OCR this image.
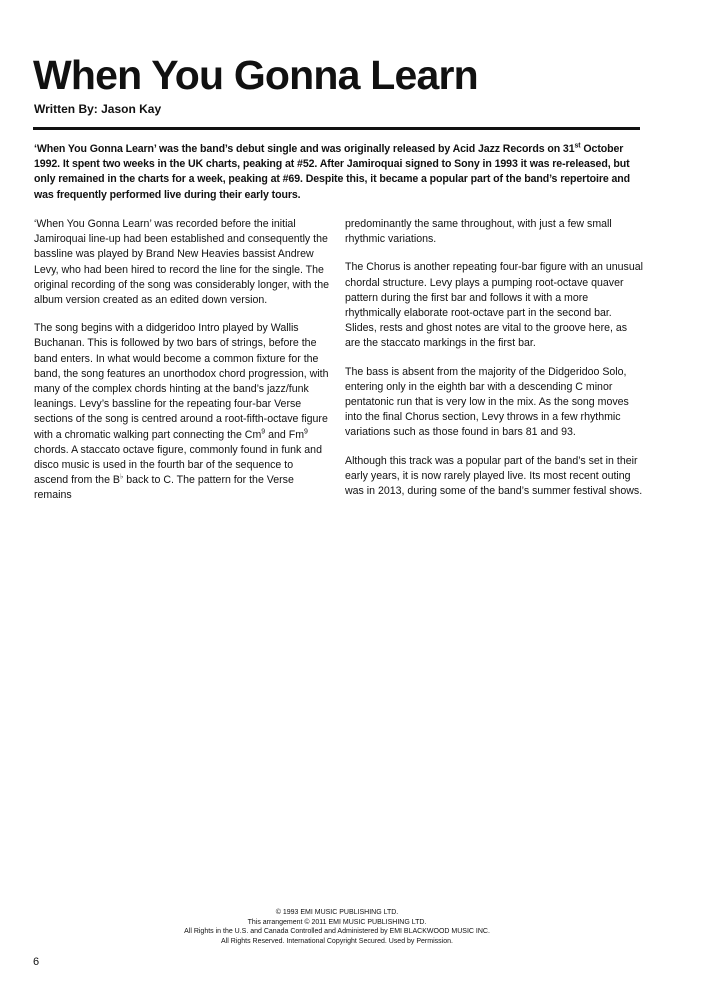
When You Gonna Learn
Written By: Jason Kay

‘When You Gonna Learn’ was the band’s debut single and was originally released by Acid Jazz Records on 31st October 1992. It spent two weeks in the UK charts, peaking at #52. After Jamiroquai signed to Sony in 1993 it was re-released, but only remained in the charts for a week, peaking at #69. Despite this, it became a popular part of the band’s repertoire and was frequently performed live during their early tours.

‘When You Gonna Learn’ was recorded before the initial Jamiroquai line-up had been established and consequently the bassline was played by Brand New Heavies bassist Andrew Levy, who had been hired to record the line for the single. The original recording of the song was considerably longer, with the album version created as an edited down version.

The song begins with a didgeridoo Intro played by Wallis Buchanan. This is followed by two bars of strings, before the band enters. In what would become a common fixture for the band, the song features an unorthodox chord progression, with many of the complex chords hinting at the band’s jazz/funk leanings. Levy’s bassline for the repeating four-bar Verse sections of the song is centred around a root-fifth-octave figure with a chromatic walking part connecting the Cm$^9$ and Fm$^9$ chords. A staccato octave figure, commonly found in funk and disco music is used in the fourth bar of the sequence to ascend from the B♭ back to C. The pattern for the Verse remains

predominantly the same throughout, with just a few small rhythmic variations.

The Chorus is another repeating four-bar figure with an unusual chordal structure. Levy plays a pumping root-octave quaver pattern during the first bar and follows it with a more rhythmically elaborate root-octave part in the second bar. Slides, rests and ghost notes are vital to the groove here, as are the staccato markings in the first bar.

The bass is absent from the majority of the Didgeridoo Solo, entering only in the eighth bar with a descending C minor pentatonic run that is very low in the mix. As the song moves into the final Chorus section, Levy throws in a few rhythmic variations such as those found in bars 81 and 93.

Although this track was a popular part of the band’s set in their early years, it is now rarely played live. Its most recent outing was in 2013, during some of the band’s summer festival shows.

© 1993 EMI MUSIC PUBLISHING LTD.
This arrangement © 2011 EMI MUSIC PUBLISHING LTD.
All Rights in the U.S. and Canada Controlled and Administered by EMI BLACKWOOD MUSIC INC.
All Rights Reserved. International Copyright Secured. Used by Permission.
6
